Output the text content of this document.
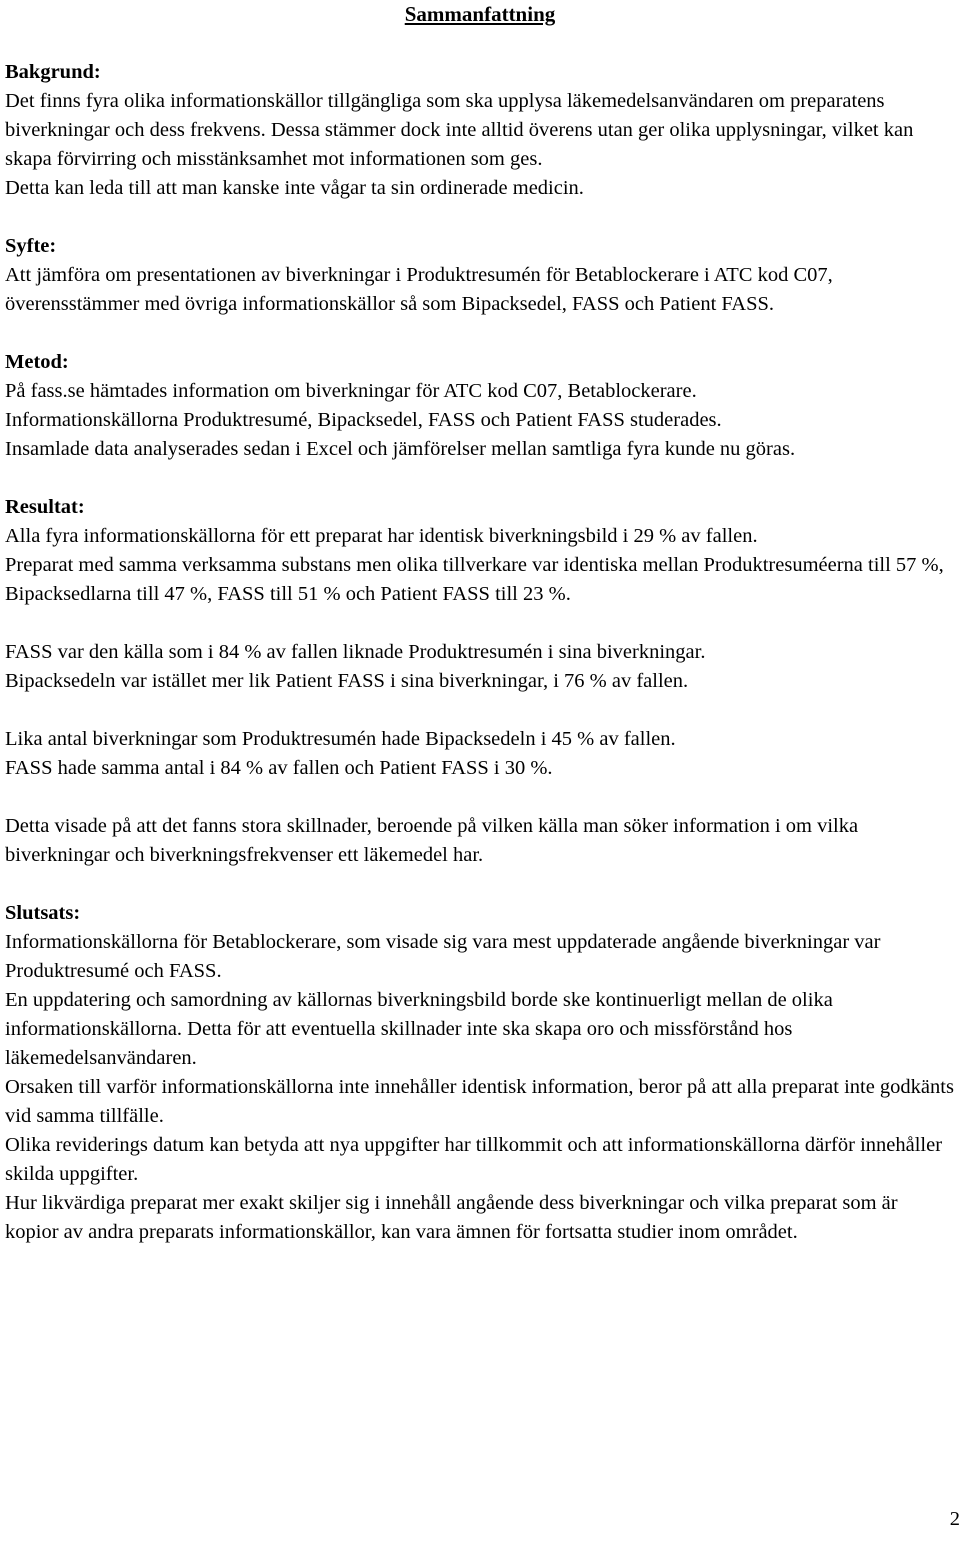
Sammanfattning

Bakgrund:

Det finns fyra olika informationskällor tillgängliga som ska upplysa läkemedelsanvändaren om preparatens biverkningar och dess frekvens. Dessa stämmer dock inte alltid överens utan ger olika upplysningar, vilket kan skapa förvirring och misstänksamhet mot informationen som ges.

Detta kan leda till att man kanske inte vågar ta sin ordinerade medicin.

Syfte:

Att jämföra om presentationen av biverkningar i Produktresumén för Betablockerare i ATC kod C07, överensstämmer med övriga informationskällor så som Bipacksedel, FASS och Patient FASS.

Metod:

På fass.se hämtades information om biverkningar för ATC kod C07, Betablockerare.

Informationskällorna Produktresumé, Bipacksedel, FASS och Patient FASS studerades.

Insamlade data analyserades sedan i Excel och jämförelser mellan samtliga fyra kunde nu göras.

Resultat:

Alla fyra informationskällorna för ett preparat har identisk biverkningsbild i 29 % av fallen.

Preparat med samma verksamma substans men olika tillverkare var identiska mellan Produktresuméerna till 57 %, Bipacksedlarna till 47 %, FASS till 51 % och Patient FASS till 23 %.

FASS var den källa som i 84 % av fallen liknade Produktresumén i sina biverkningar.

Bipacksedeln var istället mer lik Patient FASS i sina biverkningar, i 76 % av fallen.

Lika antal biverkningar som Produktresumén hade Bipacksedeln i 45 % av fallen.

FASS hade samma antal i 84 % av fallen och Patient FASS i 30 %.

Detta visade på att det fanns stora skillnader, beroende på vilken källa man söker information i om vilka biverkningar och biverkningsfrekvenser ett läkemedel har.

Slutsats:

Informationskällorna för Betablockerare, som visade sig vara mest uppdaterade angående biverkningar var Produktresumé och FASS.

En uppdatering och samordning av källornas biverkningsbild borde ske kontinuerligt mellan de olika informationskällorna. Detta för att eventuella skillnader inte ska skapa oro och missförstånd hos läkemedelsanvändaren.

Orsaken till varför informationskällorna inte innehåller identisk information, beror på att alla preparat inte godkänts vid samma tillfälle.

Olika reviderings datum kan betyda att nya uppgifter har tillkommit och att informationskällorna därför innehåller skilda uppgifter.

Hur likvärdiga preparat mer exakt skiljer sig i innehåll angående dess biverkningar och vilka preparat som är kopior av andra preparats informationskällor, kan vara ämnen för fortsatta studier inom området.

2
